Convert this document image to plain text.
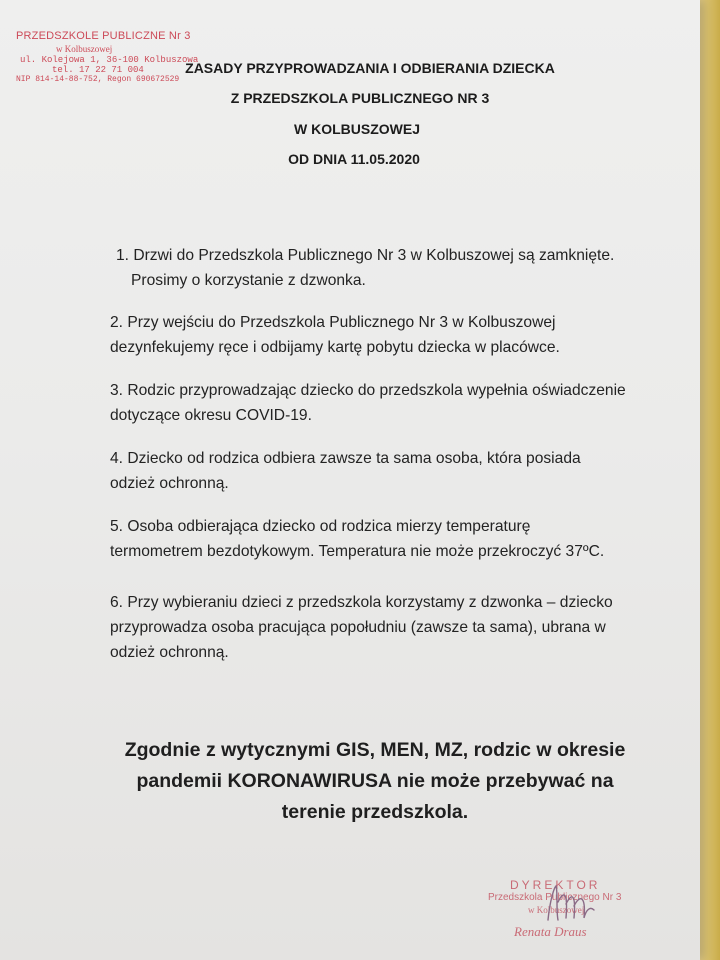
PRZEDSZKOLE PUBLICZNE Nr 3
w Kolbuszowej
ul. Kolejowa 1, 36-100 Kolbuszowa
tel. 17 22 71 004
NIP 814-14-88-752, Regon 690672529
ZASADY PRZYPROWADZANIA I ODBIERANIA DZIECKA
Z PRZEDSZKOLA PUBLICZNEGO NR 3
W KOLBUSZOWEJ
OD DNIA 11.05.2020

1. Drzwi do Przedszkola Publicznego Nr 3 w Kolbuszowej są zamknięte.
Prosimy o korzystanie z dzwonka.

2. Przy wejściu do Przedszkola Publicznego Nr 3 w Kolbuszowej
dezynfekujemy ręce i odbijamy kartę pobytu dziecka w placówce.

3. Rodzic przyprowadzając dziecko do przedszkola wypełnia oświadczenie
dotyczące okresu COVID-19.

4. Dziecko od rodzica odbiera zawsze ta sama osoba, która posiada
odzież ochronną.

5. Osoba odbierająca dziecko od rodzica mierzy temperaturę
termometrem bezdotykowym. Temperatura nie może przekroczyć 37ºC.

6. Przy wybieraniu dzieci z przedszkola korzystamy z dzwonka – dziecko
przyprowadza osoba pracująca popołudniu (zawsze ta sama), ubrana w
odzież ochronną.

Zgodnie z wytycznymi GIS, MEN, MZ, rodzic w okresie
pandemii KORONAWIRUSA nie może przebywać na
terenie przedszkola.
DYREKTOR
Przedszkola Publicznego Nr 3
w Kolbuszowej
Renata Draus
